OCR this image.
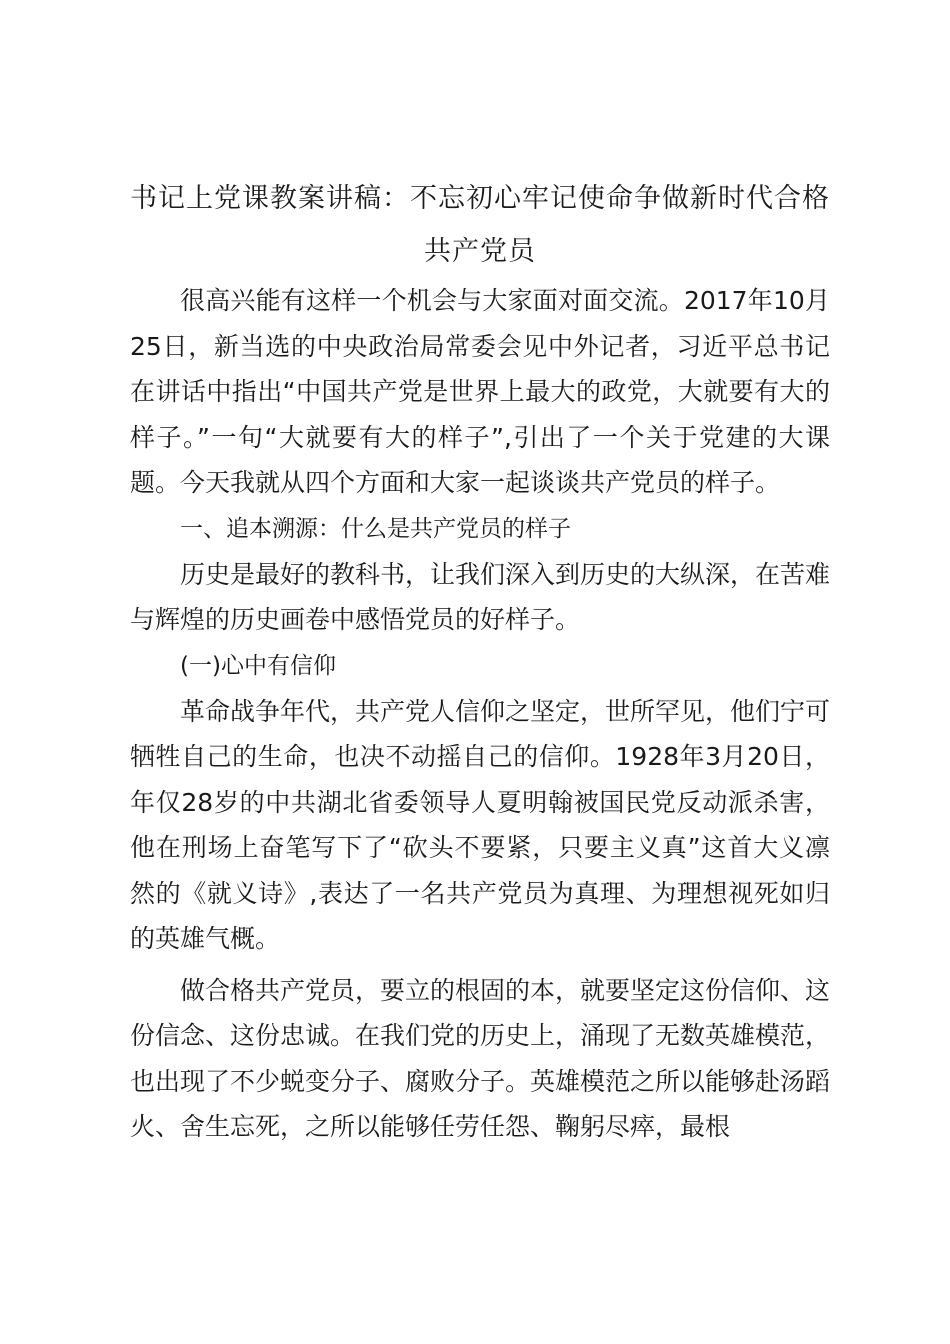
书记上党课教案讲稿：不忘初心牢记使命争做新时代合格共产党员

很高兴能有这样一个机会与大家面对面交流。2017年10月25日，新当选的中央政治局常委会见中外记者，习近平总书记在讲话中指出“中国共产党是世界上最大的政党，大就要有大的样子。”一句“大就要有大的样子”,引出了一个关于党建的大课题。今天我就从四个方面和大家一起谈谈共产党员的样子。

一、追本溯源：什么是共产党员的样子

历史是最好的教科书，让我们深入到历史的大纵深，在苦难与辉煌的历史画卷中感悟党员的好样子。

(一)心中有信仰

革命战争年代，共产党人信仰之坚定，世所罕见，他们宁可牺牲自己的生命，也决不动摇自己的信仰。1928年3月20日，年仅28岁的中共湖北省委领导人夏明翰被国民党反动派杀害，他在刑场上奋笔写下了“砍头不要紧，只要主义真”这首大义凛然的《就义诗》,表达了一名共产党员为真理、为理想视死如归的英雄气概。

做合格共产党员，要立的根固的本，就要坚定这份信仰、这份信念、这份忠诚。在我们党的历史上，涌现了无数英雄模范，也出现了不少蜕变分子、腐败分子。英雄模范之所以能够赴汤蹈火、舍生忘死，之所以能够任劳任怨、鞠躬尽瘁，最根
